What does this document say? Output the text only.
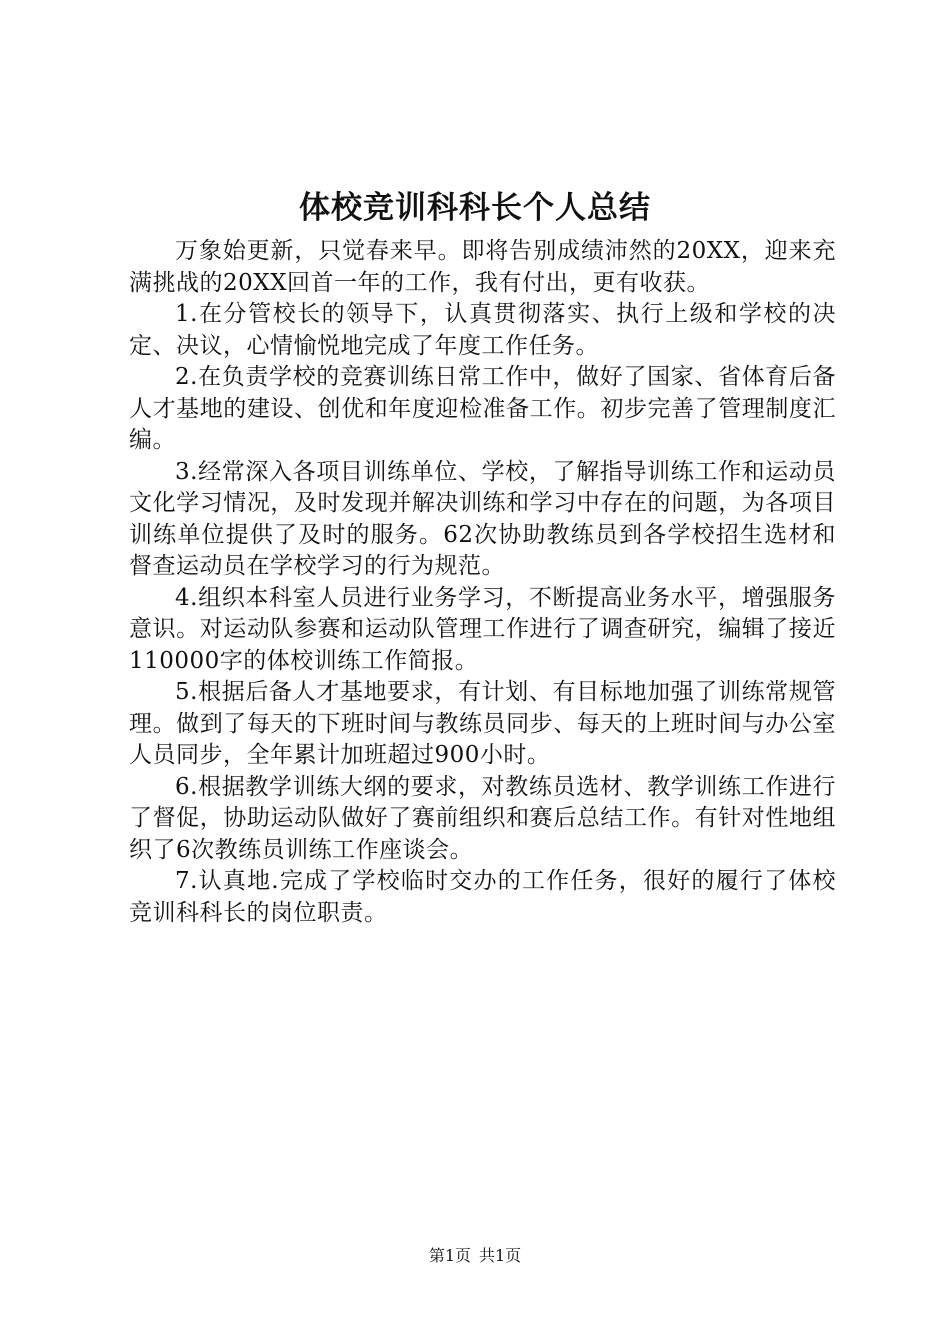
体校竞训科科长个人总结

万象始更新，只觉春来早。即将告别成绩沛然的20XX，迎来充满挑战的20XX回首一年的工作，我有付出，更有收获。

1.在分管校长的领导下，认真贯彻落实、执行上级和学校的决定、决议，心情愉悦地完成了年度工作任务。

2.在负责学校的竞赛训练日常工作中，做好了国家、省体育后备人才基地的建设、创优和年度迎检准备工作。初步完善了管理制度汇编。

3.经常深入各项目训练单位、学校，了解指导训练工作和运动员文化学习情况，及时发现并解决训练和学习中存在的问题，为各项目训练单位提供了及时的服务。62次协助教练员到各学校招生选材和督查运动员在学校学习的行为规范。

4.组织本科室人员进行业务学习，不断提高业务水平，增强服务意识。对运动队参赛和运动队管理工作进行了调查研究，编辑了接近110000字的体校训练工作简报。

5.根据后备人才基地要求，有计划、有目标地加强了训练常规管理。做到了每天的下班时间与教练员同步、每天的上班时间与办公室人员同步，全年累计加班超过900小时。

6.根据教学训练大纲的要求，对教练员选材、教学训练工作进行了督促，协助运动队做好了赛前组织和赛后总结工作。有针对性地组织了6次教练员训练工作座谈会。

7.认真地.完成了学校临时交办的工作任务，很好的履行了体校竞训科科长的岗位职责。

第1页 共1页
